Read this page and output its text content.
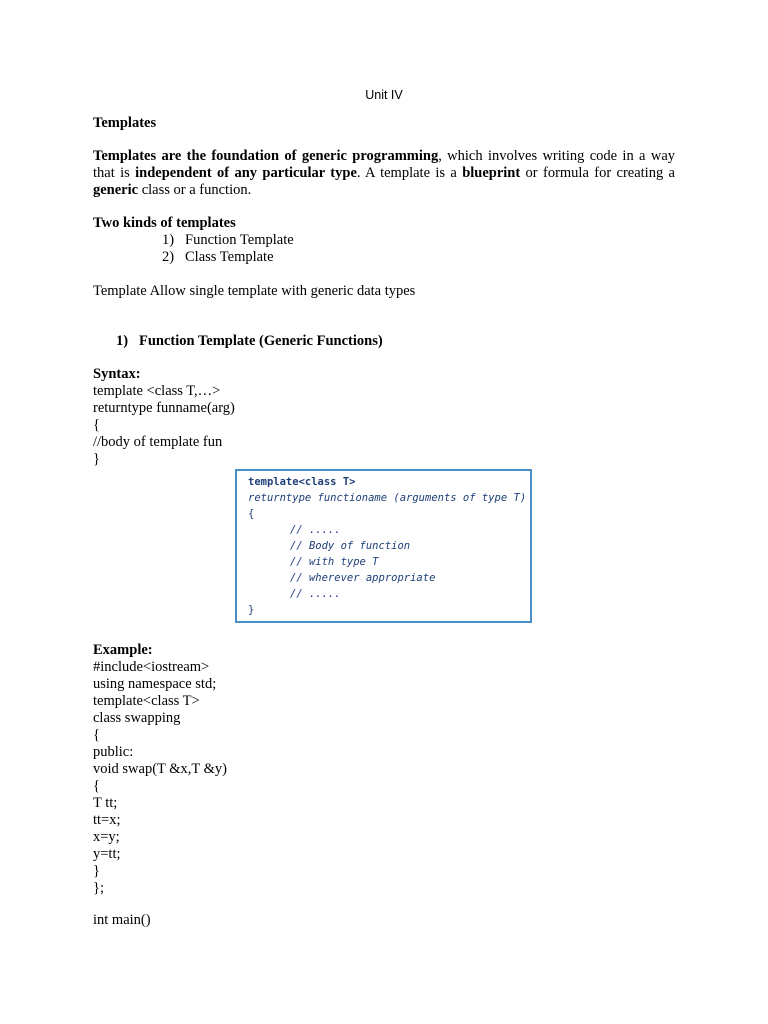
Unit IV
Templates
Templates are the foundation of generic programming, which involves writing code in a way that is independent of any particular type. A template is a blueprint or formula for creating a generic class or a function.
Two kinds of templates
1) Function Template
2) Class Template
Template Allow single template with generic data types
1) Function Template (Generic Functions)
Syntax:
template <class T,…>
returntype funname(arg)
{
//body of template fun
}
template<class T>
returntype functioname (arguments of type T)
{
// .....
// Body of function
// with type T
// wherever appropriate
// .....
}
Example:
#include<iostream>
using namespace std;
template<class T>
class swapping
{
public:
void swap(T &x,T &y)
{
T tt;
tt=x;
x=y;
y=tt;
}
};
int main()
